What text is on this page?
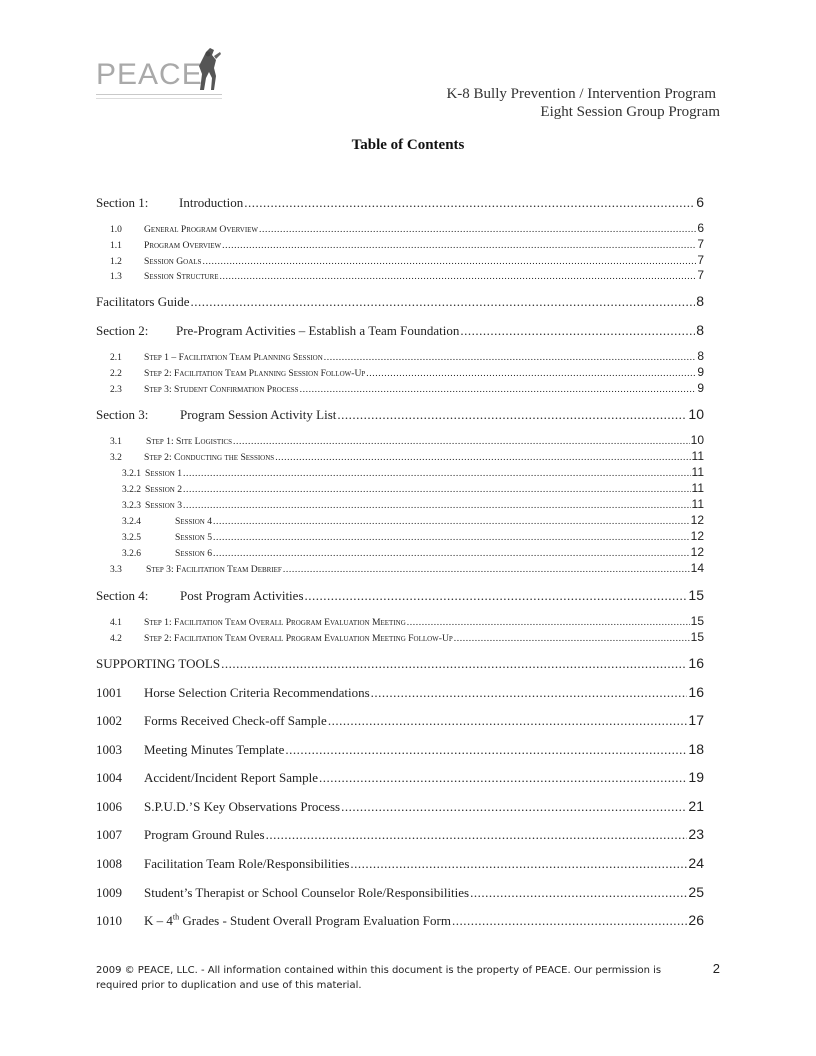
PEACE
K-8 Bully Prevention / Intervention Program
Eight Session Group Program
Table of Contents
Section 1:	Introduction .....	6
1.0	General Program Overview .....	6
1.1	Program Overview .....	7
1.2	Session Goals .....	7
1.3	Session Structure .....	7
Facilitators Guide .....	8
Section 2:	Pre-Program Activities – Establish a Team Foundation .....	8
2.1	Step 1 – Facilitation Team Planning Session .....	8
2.2	Step 2: Facilitation Team Planning Session Follow-Up .....	9
2.3	Step 3: Student Confirmation Process .....	9
Section 3:	Program Session Activity List .....	10
3.1	Step 1: Site Logistics .....	10
3.2	Step 2: Conducting the Sessions .....	11
3.2.1 Session 1 .....	11
3.2.2 Session 2 .....	11
3.2.3 Session 3 .....	11
3.2.4	Session 4 .....	12
3.2.5	Session 5 .....	12
3.2.6	Session 6 .....	12
3.3	Step 3: Facilitation Team Debrief .....	14
Section 4:	Post Program Activities .....	15
4.1	Step 1: Facilitation Team Overall Program Evaluation Meeting .....	15
4.2	Step 2: Facilitation Team Overall Program Evaluation Meeting Follow-Up .....	15
SUPPORTING TOOLS .....	16
1001	Horse Selection Criteria Recommendations .....	16
1002	Forms Received Check-off Sample .....	17
1003	Meeting Minutes Template .....	18
1004	Accident/Incident Report Sample .....	19
1006	S.P.U.D.’S Key Observations Process .....	21
1007	Program Ground Rules .....	23
1008	Facilitation Team Role/Responsibilities .....	24
1009	Student’s Therapist or School Counselor Role/Responsibilities .....	25
1010	K – 4th Grades - Student Overall Program Evaluation Form .....	26
2009 © PEACE, LLC. - All information contained within this document is the property of PEACE. Our permission is
required prior to duplication and use of this material.
2
